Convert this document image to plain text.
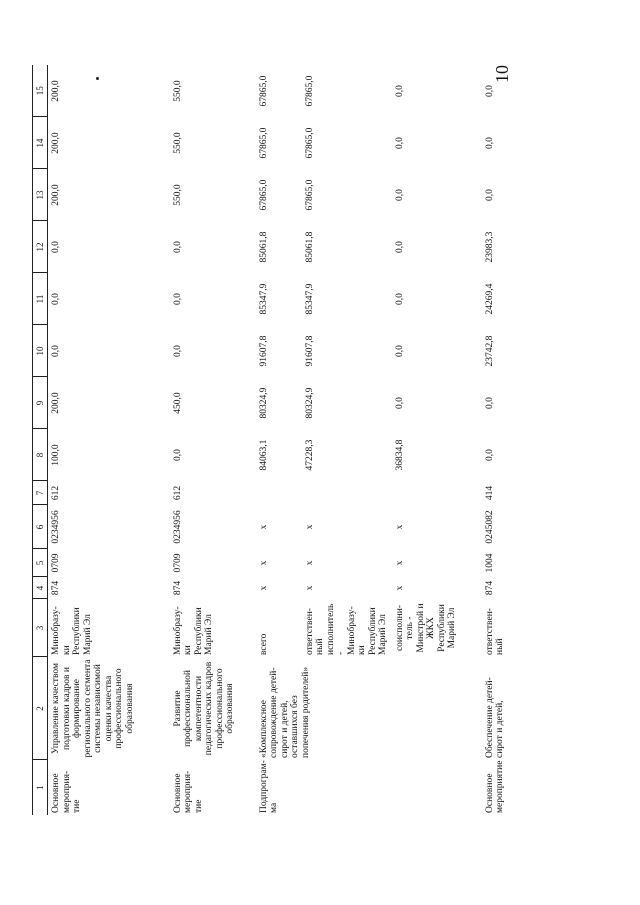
10
1	2	3	4	5	6	7	8	9	10	11	12	13	14	15
Основное мероприя-тие	Управление качеством подготовки кадров и формирование регионального сегмента системы независимой оценки качества профессионального образования	Минобразу-ки Республики Марий Эл	874	0709	0234956	612	100,0	200,0	0,0	0,0	0,0	200,0	200,0	200,0
Основное мероприя-тие	Развитие профессиональной компетентности педагогических кадров профессионального образования	Минобразу-ки Республики Марий Эл	874	0709	0234956	612	0,0	450,0	0,0	0,0	0,0	550,0	550,0	550,0
Подпрограм-ма	«Комплексное сопровождение детей-сирот и детей, оставшихся без попечения родителей»	всего	х	х	х		84063,1	80324,9	91607,8	85347,9	85061,8	67865,0	67865,0	67865,0
		ответствен-ный исполнитель - Минобразу-ки Республики Марий Эл	х	х	х		47228,3	80324,9	91607,8	85347,9	85061,8	67865,0	67865,0	67865,0
		соисполни-тель - Минстрой и ЖКХ Республики Марий Эл	х	х	х		36834,8	0,0	0,0	0,0	0,0	0,0	0,0	0,0
Основное мероприятие	Обеспечение детей-сирот и детей,	ответствен-ный	874	1004	0245082	414	0,0	0,0	23742,8	24269,4	23983,3	0,0	0,0	0,0
